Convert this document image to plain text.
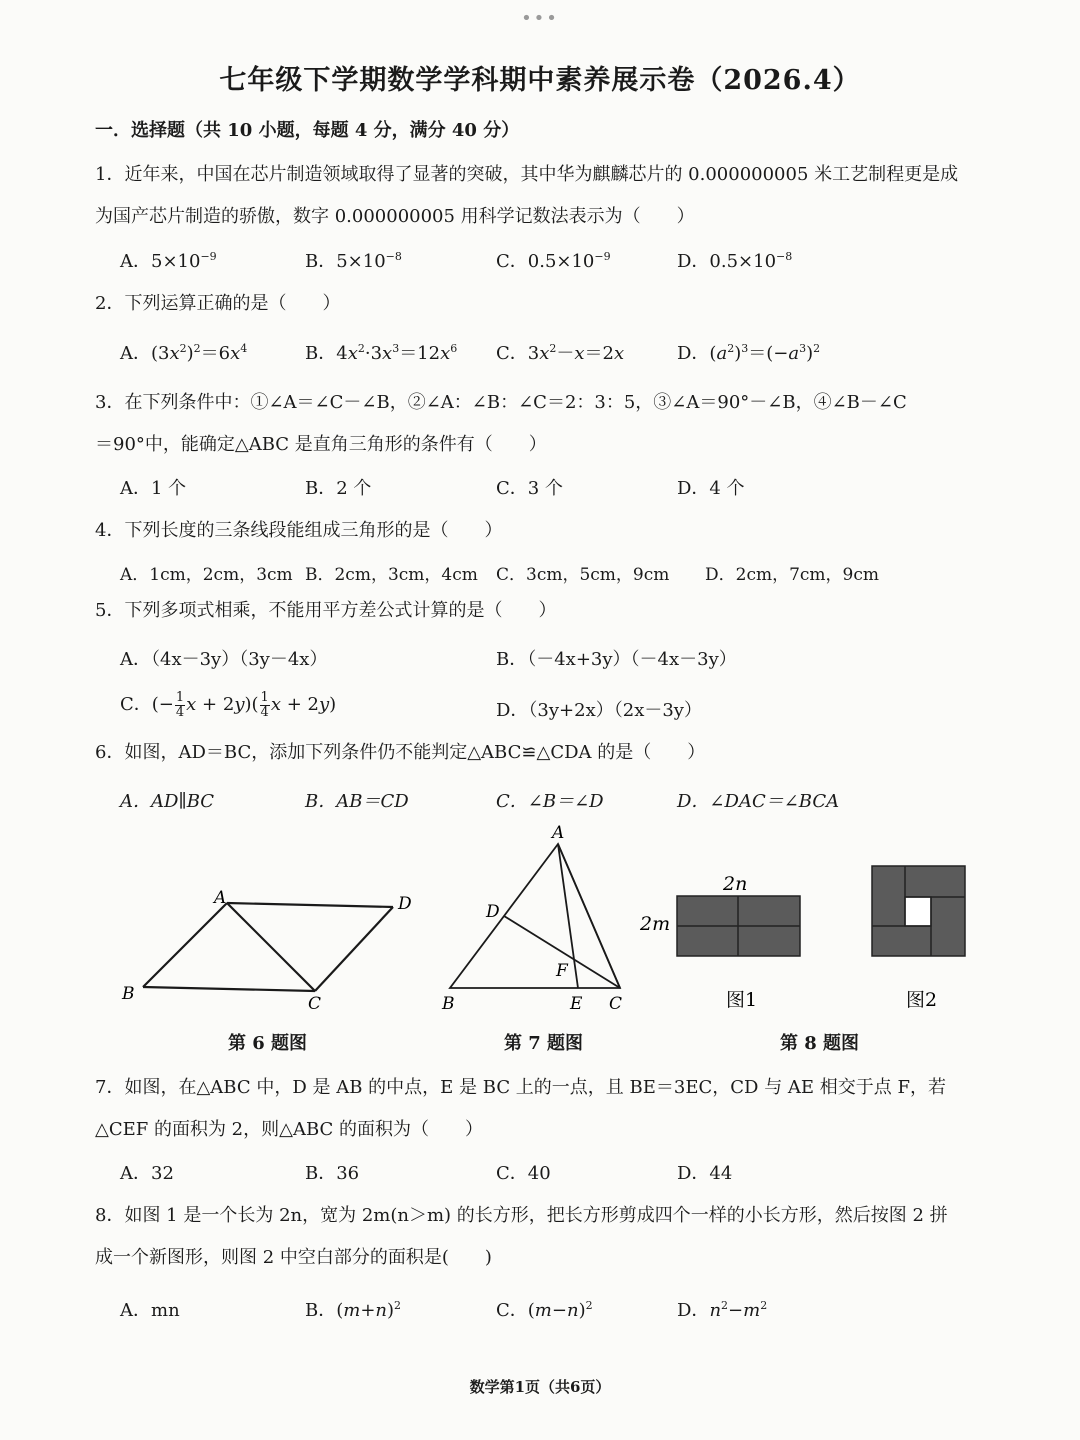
•••
七年级下学期数学学科期中素养展示卷（2026.4）
一．选择题（共 10 小题，每题 4 分，满分 40 分）
1．近年来，中国在芯片制造领域取得了显著的突破，其中华为麒麟芯片的 0.000000005 米工艺制程更是成
为国产芯片制造的骄傲，数字 0.000000005 用科学记数法表示为（　　）
A．$5\times 10^{-9}$	B．$5\times 10^{-8}$	C．$0.5\times 10^{-9}$	D．$0.5\times 10^{-8}$
2．下列运算正确的是（　　）
A．$(3x^2)^2=6x^4$	B．$4x^2\cdot 3x^3=12x^6$ C．$3x^2-x=2x$	D．$(a^2)^3=(-a^3)^2$
3．在下列条件中：①∠A＝∠C－∠B，②∠A：∠B：∠C＝2：3：5，③∠A＝90°－∠B，④∠B－∠C
＝90°中，能确定△ABC 是直角三角形的条件有（　　）
A．1 个	B．2 个	C．3 个	D．4 个
4．下列长度的三条线段能组成三角形的是（　　）
A．1cm，2cm，3cm B．2cm，3cm，4cm C．3cm，5cm，9cm D．2cm，7cm，9cm
5．下列多项式相乘，不能用平方差公式计算的是（　　）
A．（4x－3y）（3y－4x）	B．（－4x+3y）（－4x－3y）
C．(− $\frac{1}{4}$ $x + 2y)( \frac{1}{4}$ x + 2y)	D．（3y+2x）（2x－3y）
6．如图，AD＝BC，添加下列条件仍不能判定△ABC≌△CDA 的是（　　）
A．AD∥BC	B．AB＝CD	C．∠B＝∠D	D．∠DAC＝∠BCA
A	D
B	C
第 6 题图
A
D
F
B	E C
第 7 题图
2n
2m
图1	图2
第 8 题图
7．如图，在△ABC 中，D 是 AB 的中点，E 是 BC 上的一点，且 BE＝3EC，CD 与 AE 相交于点 F，若
△CEF 的面积为 2，则△ABC 的面积为（　　）
A．32	B．36	C．40	D．44
8．如图 1 是一个长为 2n，宽为 2m(n＞m) 的长方形，把长方形剪成四个一样的小长方形，然后按图 2 拼
成一个新图形，则图 2 中空白部分的面积是(　　)
A．mn	B．$(m+n)^2$	C．$(m-n)^2$	D．$n^2-m^2$
数学第1页（共6页）
